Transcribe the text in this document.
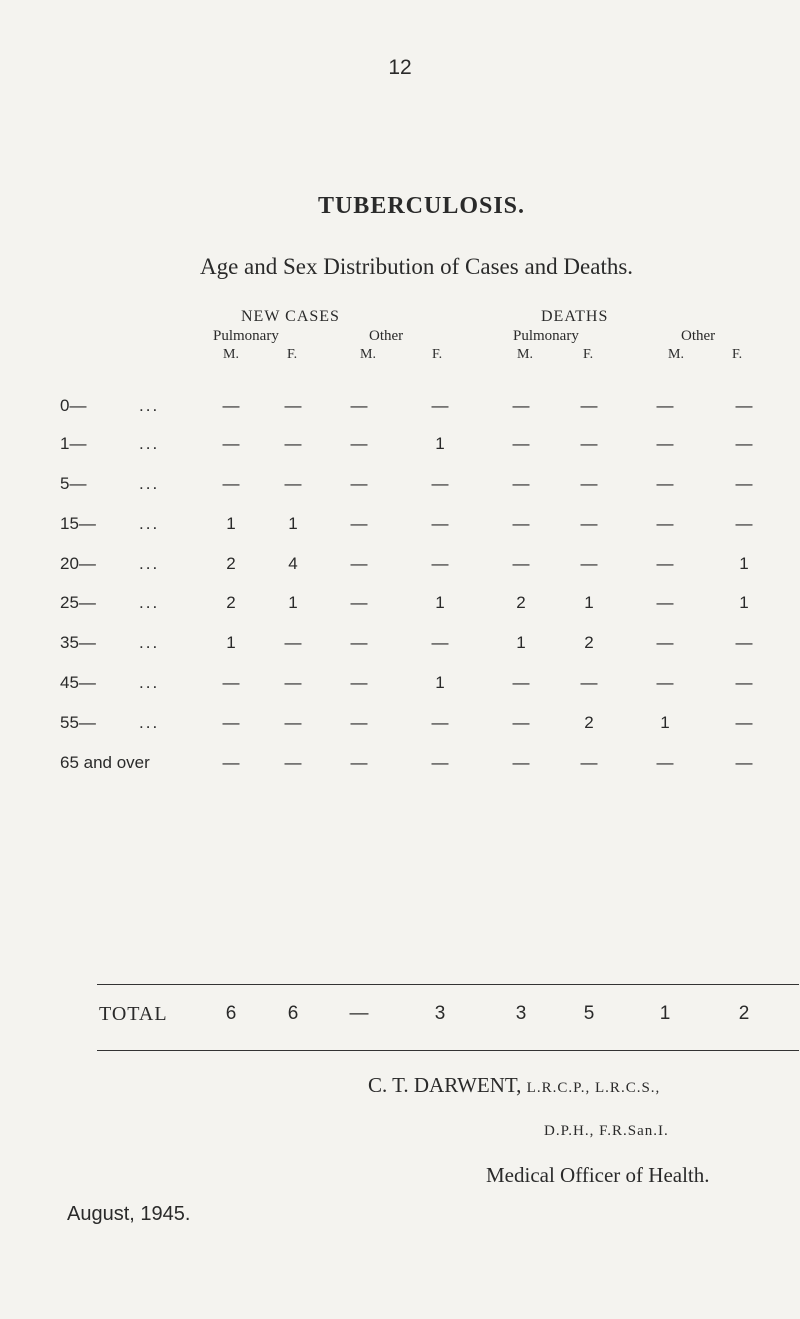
12
TUBERCULOSIS.
Age and Sex Distribution of Cases and Deaths.
NEW CASES	DEATHS
Pulmonary	Other	Pulmonary	Other
M.	F.	M.	F.	M.	F.	M.	F.
0—	...	—	—	—	—	—	—	—	—
1—	...	—	—	—	1	—	—	—	—
5—	...	—	—	—	—	—	—	—	—
15—	...	1	1	—	—	—	—	—	—
20—	...	2	4	—	—	—	—	—	1
25—	...	2	1	—	1	2	1	—	1
35—	...	1	—	—	—	1	2	—	—
45—	...	—	—	—	1	—	—	—	—
55—	...	—	—	—	—	—	2	1	—
65 and over	—	—	—	—	—	—	—	—
TOTAL	6	6	—	3	3	5	1	2
C. T. DARWENT, L.R.C.P., L.R.C.S.,
D.P.H., F.R.San.I.
Medical Officer of Health.
August, 1945.
